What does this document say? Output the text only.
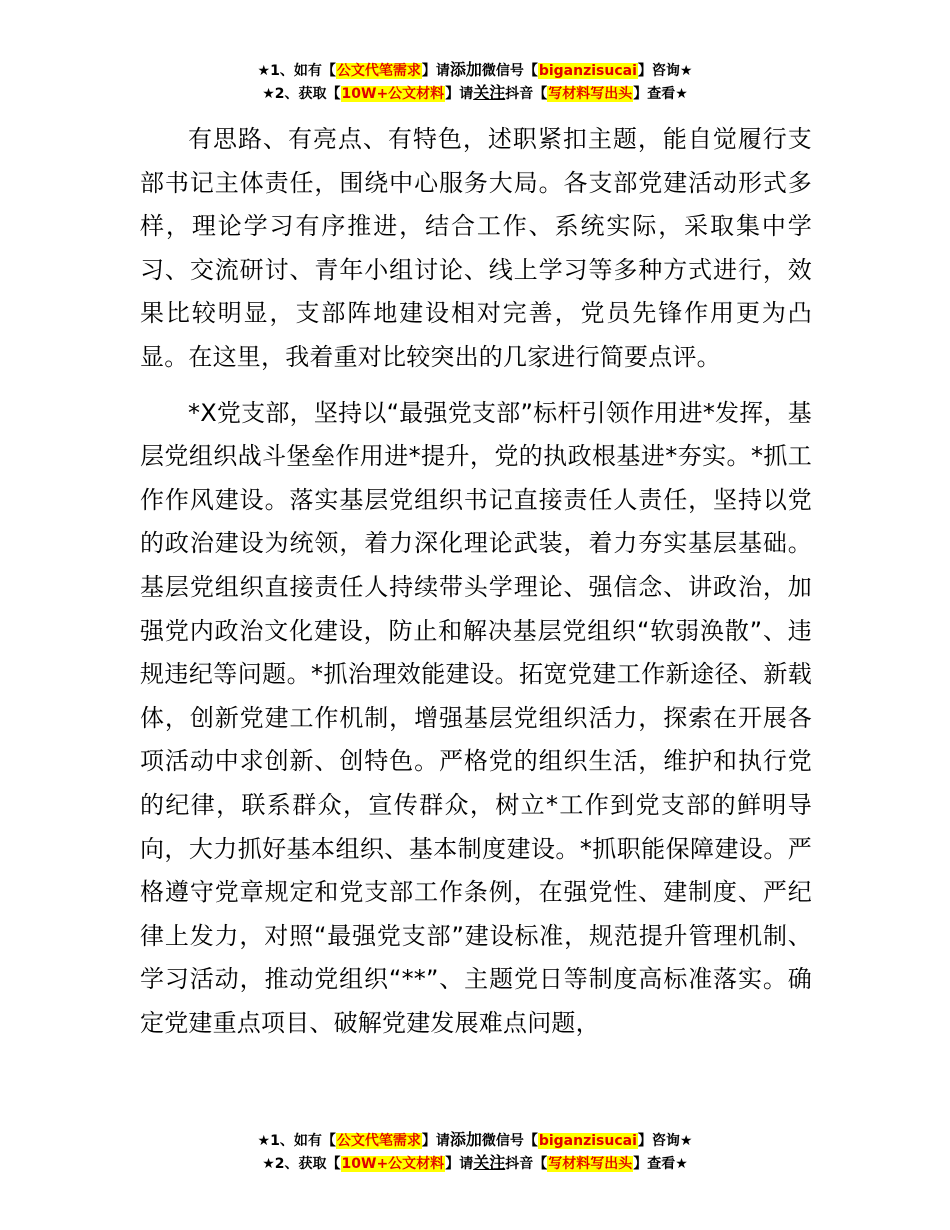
★1、如有【公文代笔需求】请添加微信号【biganzisucai】咨询★
★2、获取【10W+公文材料】请关注抖音【写材料写出头】查看★

有思路、有亮点、有特色，述职紧扣主题，能自觉履行支部书记主体责任，围绕中心服务大局。各支部党建活动形式多样，理论学习有序推进，结合工作、系统实际，采取集中学习、交流研讨、青年小组讨论、线上学习等多种方式进行，效果比较明显，支部阵地建设相对完善，党员先锋作用更为凸显。在这里，我着重对比较突出的几家进行简要点评。

*X党支部，坚持以“最强党支部”标杆引领作用进*发挥，基层党组织战斗堡垒作用进*提升，党的执政根基进*夯实。*抓工作作风建设。落实基层党组织书记直接责任人责任，坚持以党的政治建设为统领，着力深化理论武装，着力夯实基层基础。基层党组织直接责任人持续带头学理论、强信念、讲政治，加强党内政治文化建设，防止和解决基层党组织“软弱涣散”、违规违纪等问题。*抓治理效能建设。拓宽党建工作新途径、新载体，创新党建工作机制，增强基层党组织活力，探索在开展各项活动中求创新、创特色。严格党的组织生活，维护和执行党的纪律，联系群众，宣传群众，树立*工作到党支部的鲜明导向，大力抓好基本组织、基本制度建设。*抓职能保障建设。严格遵守党章规定和党支部工作条例，在强党性、建制度、严纪律上发力，对照“最强党支部”建设标准，规范提升管理机制、学习活动，推动党组织“**”、主题党日等制度高标准落实。确定党建重点项目、破解党建发展难点问题，

★1、如有【公文代笔需求】请添加微信号【biganzisucai】咨询★
★2、获取【10W+公文材料】请关注抖音【写材料写出头】查看★
